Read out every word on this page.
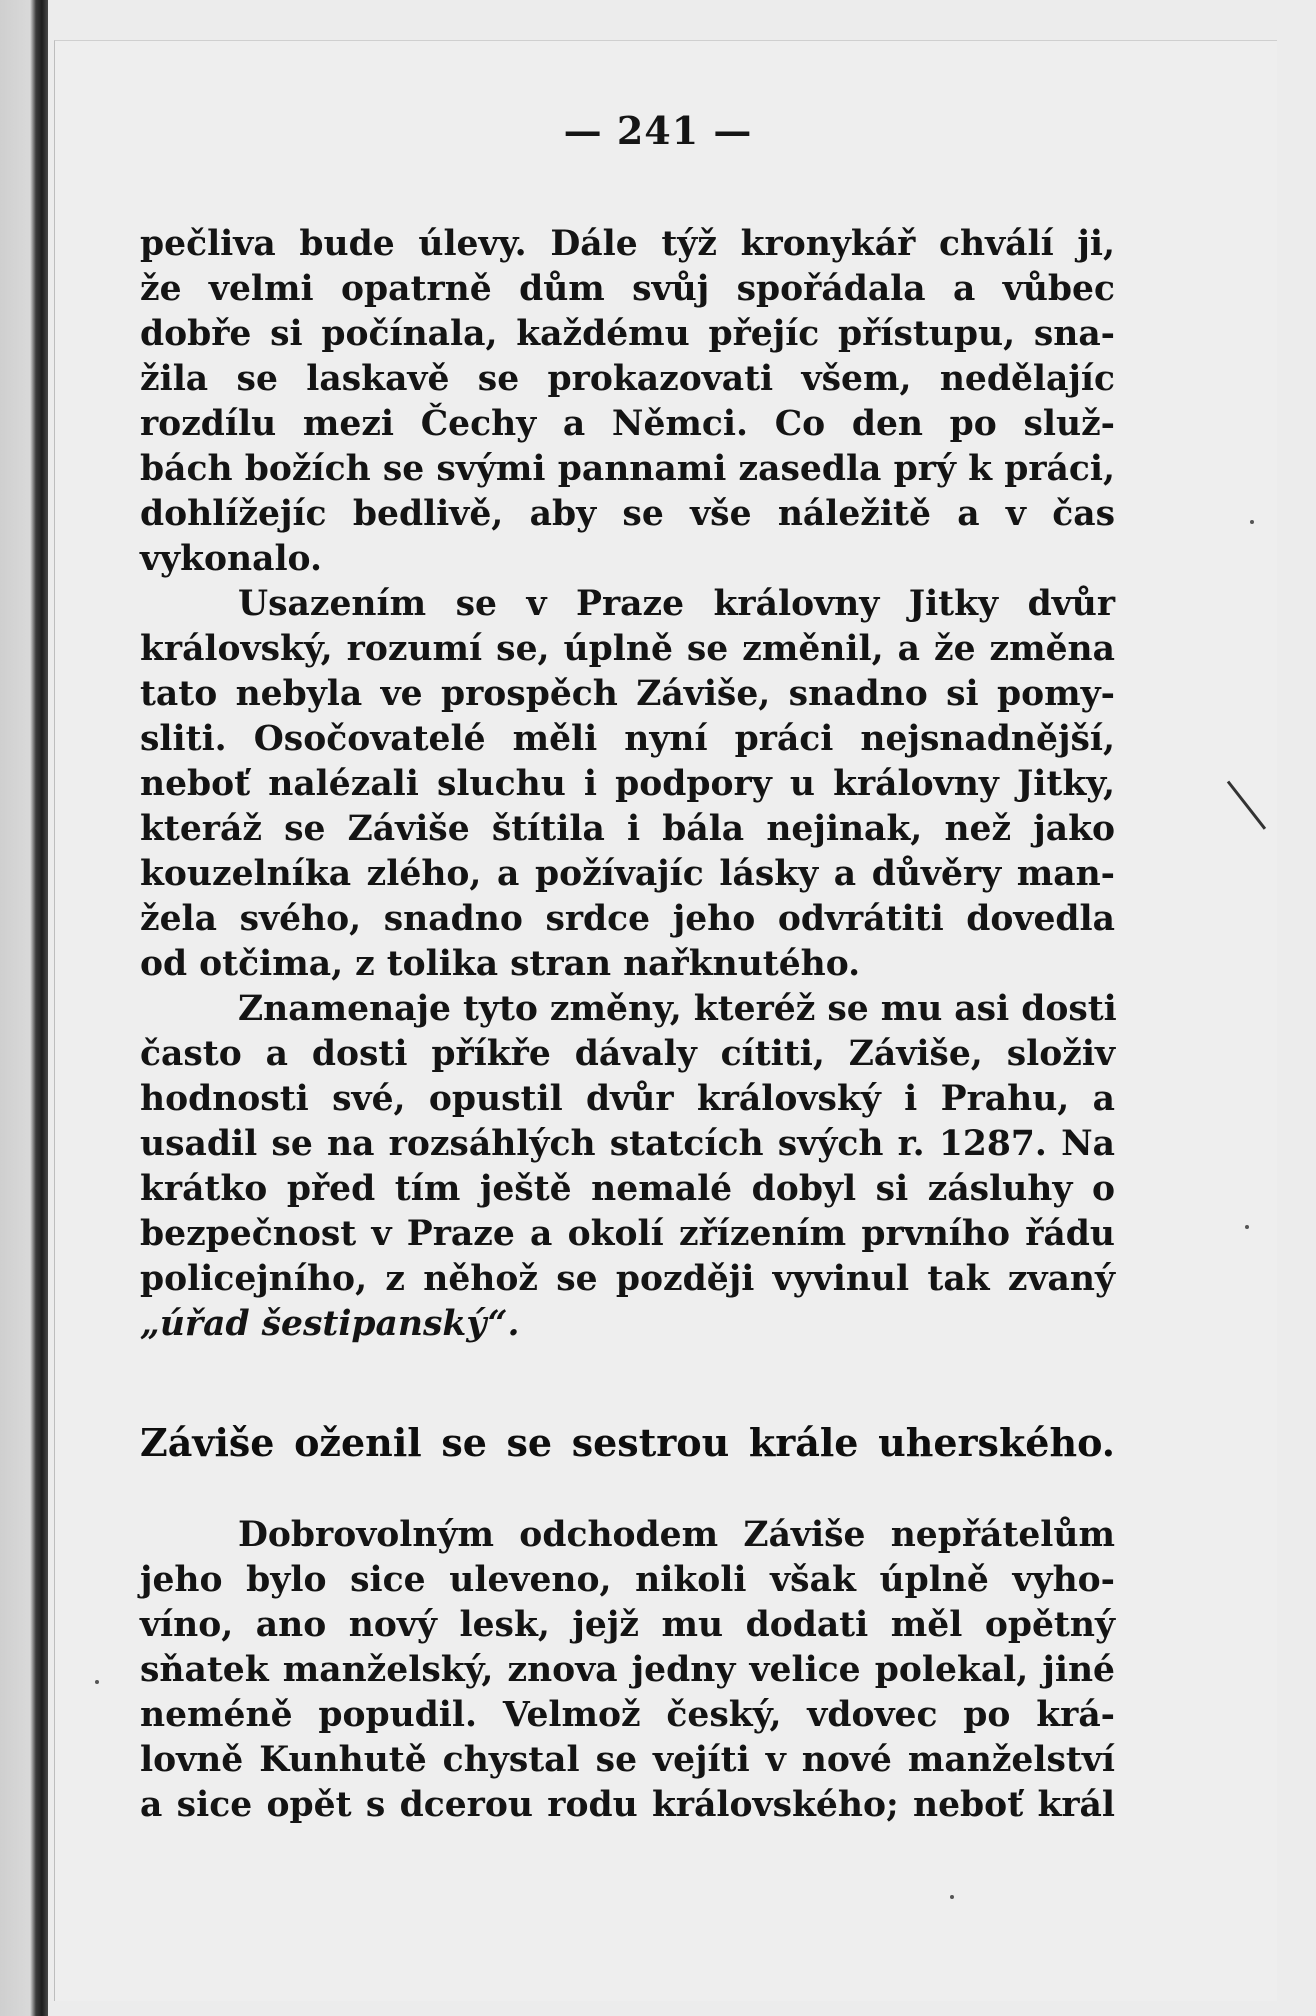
— 241 —
pečliva bude úlevy. Dále týž kronykář chválí ji,
že velmi opatrně dům svůj spořádala a vůbec
dobře si počínala, každému přejíc přístupu, sna-
žila se laskavě se prokazovati všem, nedělajíc
rozdílu mezi Čechy a Němci. Co den po služ-
bách božích se svými pannami zasedla prý k práci,
dohlížejíc bedlivě, aby se vše náležitě a v čas
vykonalo.
Usazením se v Praze královny Jitky dvůr
královský, rozumí se, úplně se změnil, a že změna
tato nebyla ve prospěch Záviše, snadno si pomy-
sliti. Osočovatelé měli nyní práci nejsnadnější,
neboť nalézali sluchu i podpory u královny Jitky,
kteráž se Záviše štítila i bála nejinak, než jako
kouzelníka zlého, a požívajíc lásky a důvěry man-
žela svého, snadno srdce jeho odvrátiti dovedla
od otčima, z tolika stran nařknutého.
Znamenaje tyto změny, kteréž se mu asi dosti
často a dosti příkře dávaly cítiti, Záviše, složiv
hodnosti své, opustil dvůr královský i Prahu, a
usadil se na rozsáhlých statcích svých r. 1287. Na
krátko před tím ještě nemalé dobyl si zásluhy o
bezpečnost v Praze a okolí zřízením prvního řádu
policejního, z něhož se později vyvinul tak zvaný
„úřad šestipanský“.
Záviše oženil se se sestrou krále uherského.
Dobrovolným odchodem Záviše nepřátelům
jeho bylo sice uleveno, nikoli však úplně vyho-
víno, ano nový lesk, jejž mu dodati měl opětný
sňatek manželský, znova jedny velice polekal, jiné
neméně popudil. Velmož český, vdovec po krá-
lovně Kunhutě chystal se vejíti v nové manželství
a sice opět s dcerou rodu královského; neboť král
